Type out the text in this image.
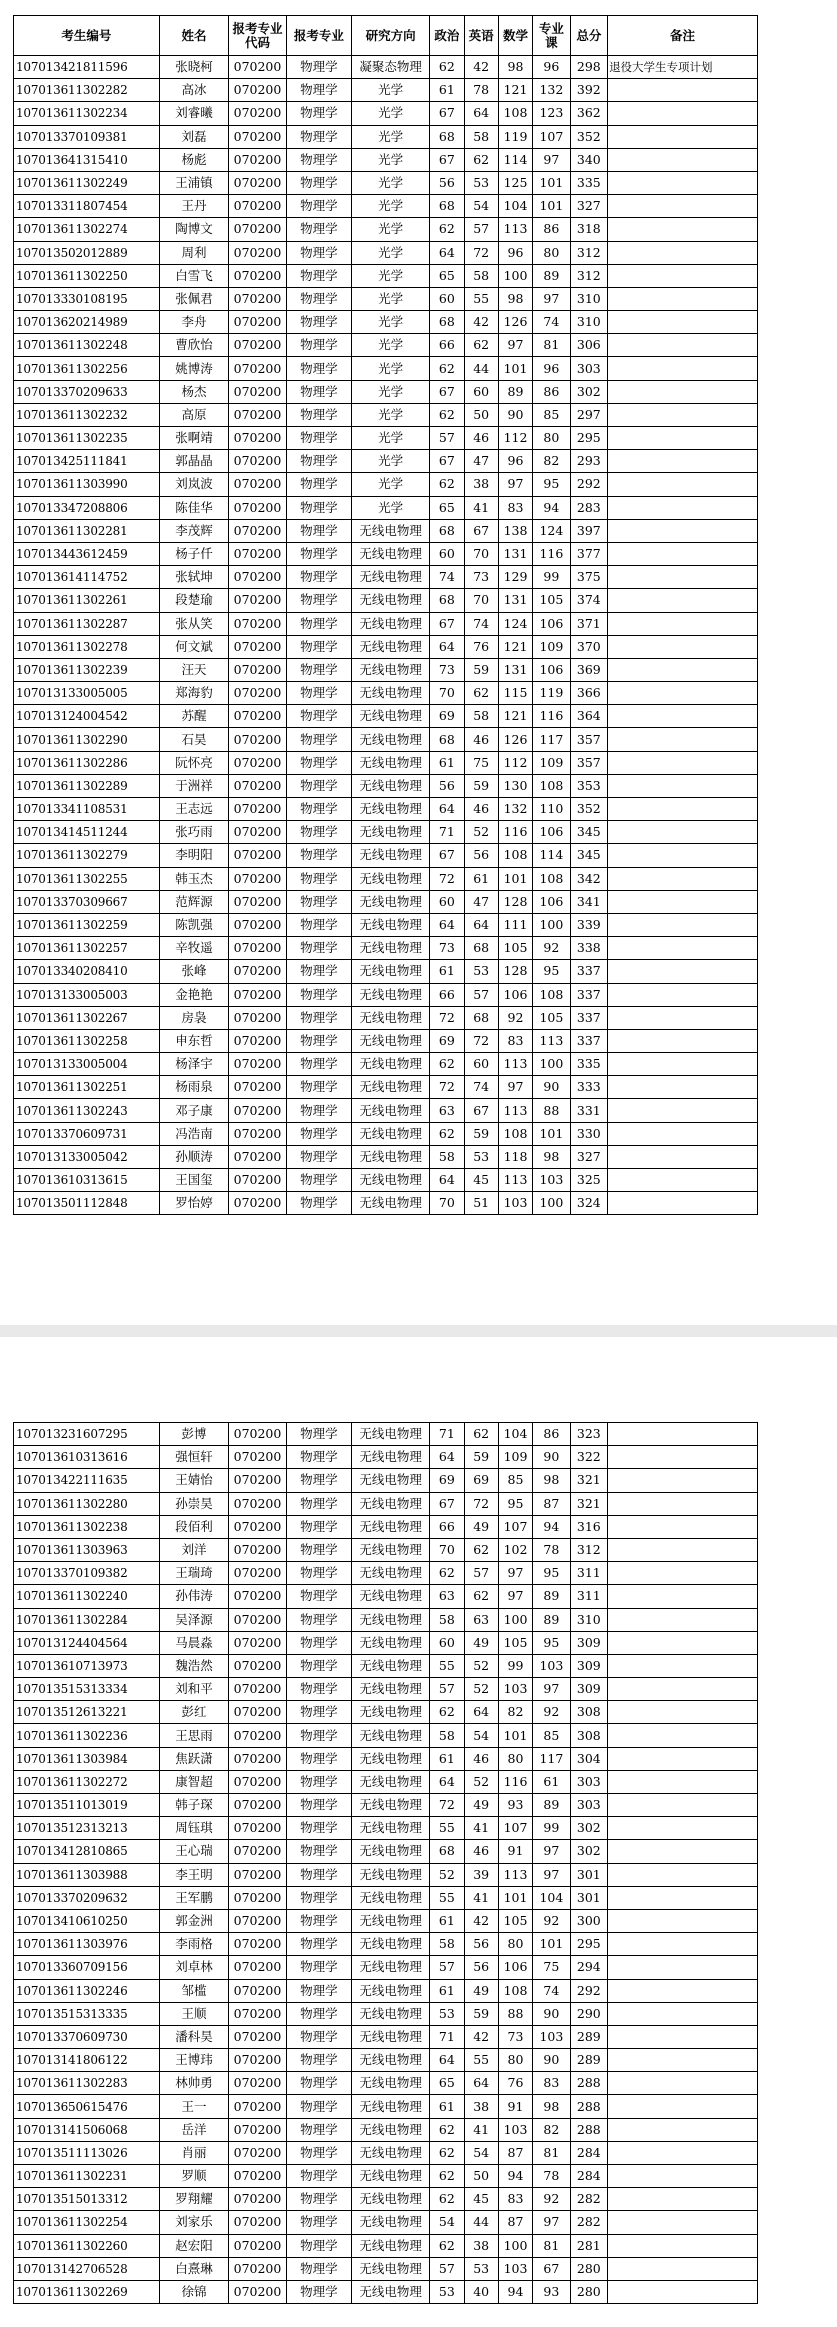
考生编号	姓名	报考专业代码	报考专业	研究方向	政治	英语	数学	专业课	总分	备注
107013421811596	张晓柯	070200	物理学	凝聚态物理	62	42	98	96	298	退役大学生专项计划
107013611302282	高冰	070200	物理学	光学	61	78	121	132	392	
107013611302234	刘睿曦	070200	物理学	光学	67	64	108	123	362	
107013370109381	刘磊	070200	物理学	光学	68	58	119	107	352	
107013641315410	杨彪	070200	物理学	光学	67	62	114	97	340	
107013611302249	王浦镇	070200	物理学	光学	56	53	125	101	335	
107013311807454	王丹	070200	物理学	光学	68	54	104	101	327	
107013611302274	陶博文	070200	物理学	光学	62	57	113	86	318	
107013502012889	周利	070200	物理学	光学	64	72	96	80	312	
107013611302250	白雪飞	070200	物理学	光学	65	58	100	89	312	
107013330108195	张佩君	070200	物理学	光学	60	55	98	97	310	
107013620214989	李舟	070200	物理学	光学	68	42	126	74	310	
107013611302248	曹欣怡	070200	物理学	光学	66	62	97	81	306	
107013611302256	姚博涛	070200	物理学	光学	62	44	101	96	303	
107013370209633	杨杰	070200	物理学	光学	67	60	89	86	302	
107013611302232	高原	070200	物理学	光学	62	50	90	85	297	
107013611302235	张啊靖	070200	物理学	光学	57	46	112	80	295	
107013425111841	郭晶晶	070200	物理学	光学	67	47	96	82	293	
107013611303990	刘岚波	070200	物理学	光学	62	38	97	95	292	
107013347208806	陈佳华	070200	物理学	光学	65	41	83	94	283	
107013611302281	李茂辉	070200	物理学	无线电物理	68	67	138	124	397	
107013443612459	杨子仟	070200	物理学	无线电物理	60	70	131	116	377	
107013614114752	张轼坤	070200	物理学	无线电物理	74	73	129	99	375	
107013611302261	段楚瑜	070200	物理学	无线电物理	68	70	131	105	374	
107013611302287	张从笑	070200	物理学	无线电物理	67	74	124	106	371	
107013611302278	何文斌	070200	物理学	无线电物理	64	76	121	109	370	
107013611302239	汪天	070200	物理学	无线电物理	73	59	131	106	369	
107013133005005	郑海豹	070200	物理学	无线电物理	70	62	115	119	366	
107013124004542	苏醒	070200	物理学	无线电物理	69	58	121	116	364	
107013611302290	石昊	070200	物理学	无线电物理	68	46	126	117	357	
107013611302286	阮怀亮	070200	物理学	无线电物理	61	75	112	109	357	
107013611302289	于洲祥	070200	物理学	无线电物理	56	59	130	108	353	
107013341108531	王志远	070200	物理学	无线电物理	64	46	132	110	352	
107013414511244	张巧雨	070200	物理学	无线电物理	71	52	116	106	345	
107013611302279	李明阳	070200	物理学	无线电物理	67	56	108	114	345	
107013611302255	韩玉杰	070200	物理学	无线电物理	72	61	101	108	342	
107013370309667	范辉源	070200	物理学	无线电物理	60	47	128	106	341	
107013611302259	陈凯强	070200	物理学	无线电物理	64	64	111	100	339	
107013611302257	辛牧遥	070200	物理学	无线电物理	73	68	105	92	338	
107013340208410	张峰	070200	物理学	无线电物理	61	53	128	95	337	
107013133005003	金艳艳	070200	物理学	无线电物理	66	57	106	108	337	
107013611302267	房袅	070200	物理学	无线电物理	72	68	92	105	337	
107013611302258	申东哲	070200	物理学	无线电物理	69	72	83	113	337	
107013133005004	杨泽宇	070200	物理学	无线电物理	62	60	113	100	335	
107013611302251	杨雨泉	070200	物理学	无线电物理	72	74	97	90	333	
107013611302243	邓子康	070200	物理学	无线电物理	63	67	113	88	331	
107013370609731	冯浩南	070200	物理学	无线电物理	62	59	108	101	330	
107013133005042	孙顺涛	070200	物理学	无线电物理	58	53	118	98	327	
107013610313615	王国玺	070200	物理学	无线电物理	64	45	113	103	325	
107013501112848	罗怡婷	070200	物理学	无线电物理	70	51	103	100	324	
107013231607295	彭博	070200	物理学	无线电物理	71	62	104	86	323	
107013610313616	强恒轩	070200	物理学	无线电物理	64	59	109	90	322	
107013422111635	王婧怡	070200	物理学	无线电物理	69	69	85	98	321	
107013611302280	孙崇昊	070200	物理学	无线电物理	67	72	95	87	321	
107013611302238	段佰利	070200	物理学	无线电物理	66	49	107	94	316	
107013611303963	刘洋	070200	物理学	无线电物理	70	62	102	78	312	
107013370109382	王瑞琦	070200	物理学	无线电物理	62	57	97	95	311	
107013611302240	孙伟涛	070200	物理学	无线电物理	63	62	97	89	311	
107013611302284	吴泽源	070200	物理学	无线电物理	58	63	100	89	310	
107013124404564	马晨淼	070200	物理学	无线电物理	60	49	105	95	309	
107013610713973	魏浩然	070200	物理学	无线电物理	55	52	99	103	309	
107013515313334	刘和平	070200	物理学	无线电物理	57	52	103	97	309	
107013512613221	彭红	070200	物理学	无线电物理	62	64	82	92	308	
107013611302236	王思雨	070200	物理学	无线电物理	58	54	101	85	308	
107013611303984	焦跃潇	070200	物理学	无线电物理	61	46	80	117	304	
107013611302272	康智超	070200	物理学	无线电物理	64	52	116	61	303	
107013511013019	韩子琛	070200	物理学	无线电物理	72	49	93	89	303	
107013512313213	周钰琪	070200	物理学	无线电物理	55	41	107	99	302	
107013412810865	王心瑞	070200	物理学	无线电物理	68	46	91	97	302	
107013611303988	李王明	070200	物理学	无线电物理	52	39	113	97	301	
107013370209632	王军鹏	070200	物理学	无线电物理	55	41	101	104	301	
107013410610250	郭金洲	070200	物理学	无线电物理	61	42	105	92	300	
107013611303976	李雨格	070200	物理学	无线电物理	58	56	80	101	295	
107013360709156	刘卓林	070200	物理学	无线电物理	57	56	106	75	294	
107013611302246	邹槛	070200	物理学	无线电物理	61	49	108	74	292	
107013515313335	王顺	070200	物理学	无线电物理	53	59	88	90	290	
107013370609730	潘科昊	070200	物理学	无线电物理	71	42	73	103	289	
107013141806122	王博玮	070200	物理学	无线电物理	64	55	80	90	289	
107013611302283	林帅勇	070200	物理学	无线电物理	65	64	76	83	288	
107013650615476	王一	070200	物理学	无线电物理	61	38	91	98	288	
107013141506068	岳洋	070200	物理学	无线电物理	62	41	103	82	288	
107013511113026	肖丽	070200	物理学	无线电物理	62	54	87	81	284	
107013611302231	罗顺	070200	物理学	无线电物理	62	50	94	78	284	
107013515013312	罗翔耀	070200	物理学	无线电物理	62	45	83	92	282	
107013611302254	刘家乐	070200	物理学	无线电物理	54	44	87	97	282	
107013611302260	赵宏阳	070200	物理学	无线电物理	62	38	100	81	281	
107013142706528	白熹琳	070200	物理学	无线电物理	57	53	103	67	280	
107013611302269	徐锦	070200	物理学	无线电物理	53	40	94	93	280	
